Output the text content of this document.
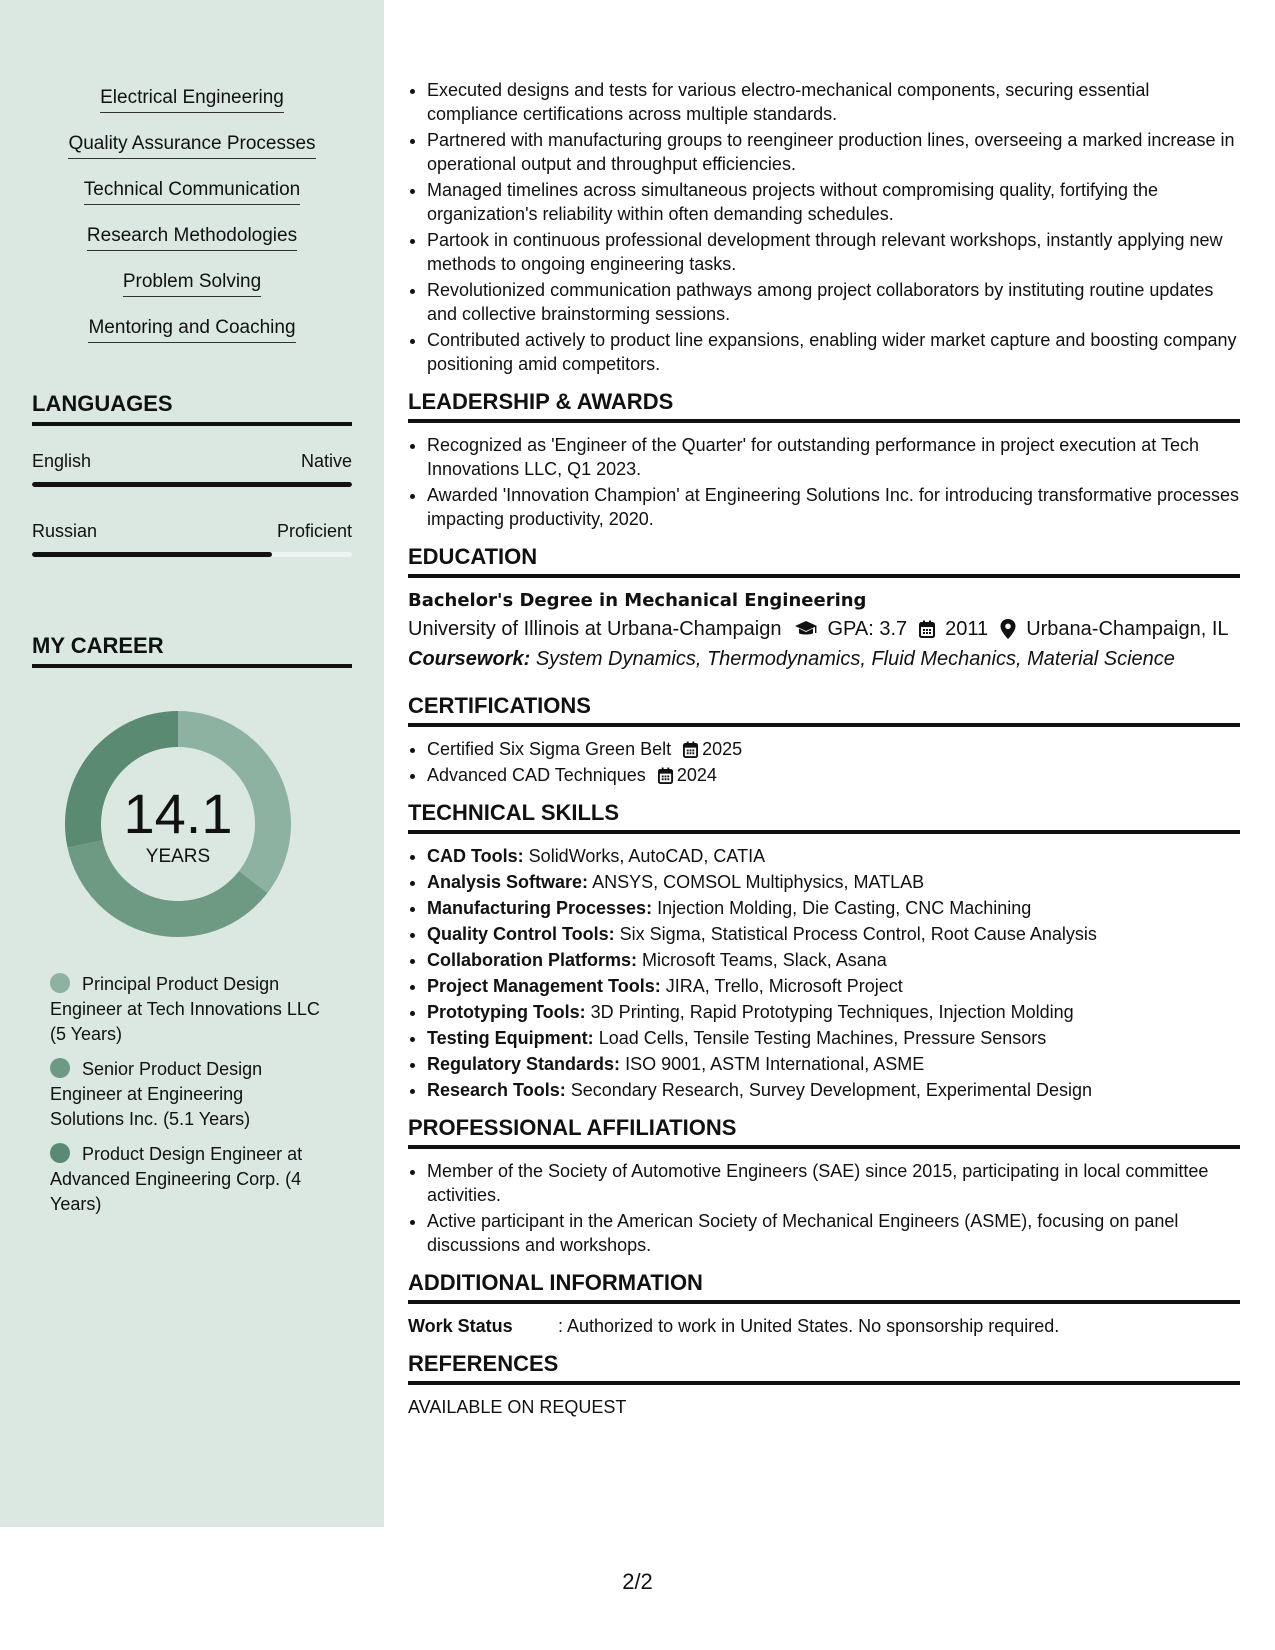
Electrical Engineering
Quality Assurance Processes
Technical Communication
Research Methodologies
Problem Solving
Mentoring and Coaching
LANGUAGES
English	Native
Russian	Proficient
MY CAREER
14.1
YEARS
Principal Product Design Engineer at Tech Innovations LLC (5 Years)
Senior Product Design Engineer at Engineering Solutions Inc. (5.1 Years)
Product Design Engineer at Advanced Engineering Corp. (4 Years)
• Executed designs and tests for various electro-mechanical components, securing essential compliance certifications across multiple standards.
• Partnered with manufacturing groups to reengineer production lines, overseeing a marked increase in operational output and throughput efficiencies.
• Managed timelines across simultaneous projects without compromising quality, fortifying the organization's reliability within often demanding schedules.
• Partook in continuous professional development through relevant workshops, instantly applying new methods to ongoing engineering tasks.
• Revolutionized communication pathways among project collaborators by instituting routine updates and collective brainstorming sessions.
• Contributed actively to product line expansions, enabling wider market capture and boosting company positioning amid competitors.
LEADERSHIP & AWARDS
• Recognized as 'Engineer of the Quarter' for outstanding performance in project execution at Tech Innovations LLC, Q1 2023.
• Awarded 'Innovation Champion' at Engineering Solutions Inc. for introducing transformative processes impacting productivity, 2020.
EDUCATION
Bachelor's Degree in Mechanical Engineering
University of Illinois at Urbana-Champaign GPA: 3.7 2011 Urbana-Champaign, IL
Coursework: System Dynamics, Thermodynamics, Fluid Mechanics, Material Science
CERTIFICATIONS
• Certified Six Sigma Green Belt 2025
• Advanced CAD Techniques 2024
TECHNICAL SKILLS
• CAD Tools: SolidWorks, AutoCAD, CATIA
• Analysis Software: ANSYS, COMSOL Multiphysics, MATLAB
• Manufacturing Processes: Injection Molding, Die Casting, CNC Machining
• Quality Control Tools: Six Sigma, Statistical Process Control, Root Cause Analysis
• Collaboration Platforms: Microsoft Teams, Slack, Asana
• Project Management Tools: JIRA, Trello, Microsoft Project
• Prototyping Tools: 3D Printing, Rapid Prototyping Techniques, Injection Molding
• Testing Equipment: Load Cells, Tensile Testing Machines, Pressure Sensors
• Regulatory Standards: ISO 9001, ASTM International, ASME
• Research Tools: Secondary Research, Survey Development, Experimental Design
PROFESSIONAL AFFILIATIONS
• Member of the Society of Automotive Engineers (SAE) since 2015, participating in local committee activities.
• Active participant in the American Society of Mechanical Engineers (ASME), focusing on panel discussions and workshops.
ADDITIONAL INFORMATION
Work Status	: Authorized to work in United States. No sponsorship required.
REFERENCES
AVAILABLE ON REQUEST
2/2
